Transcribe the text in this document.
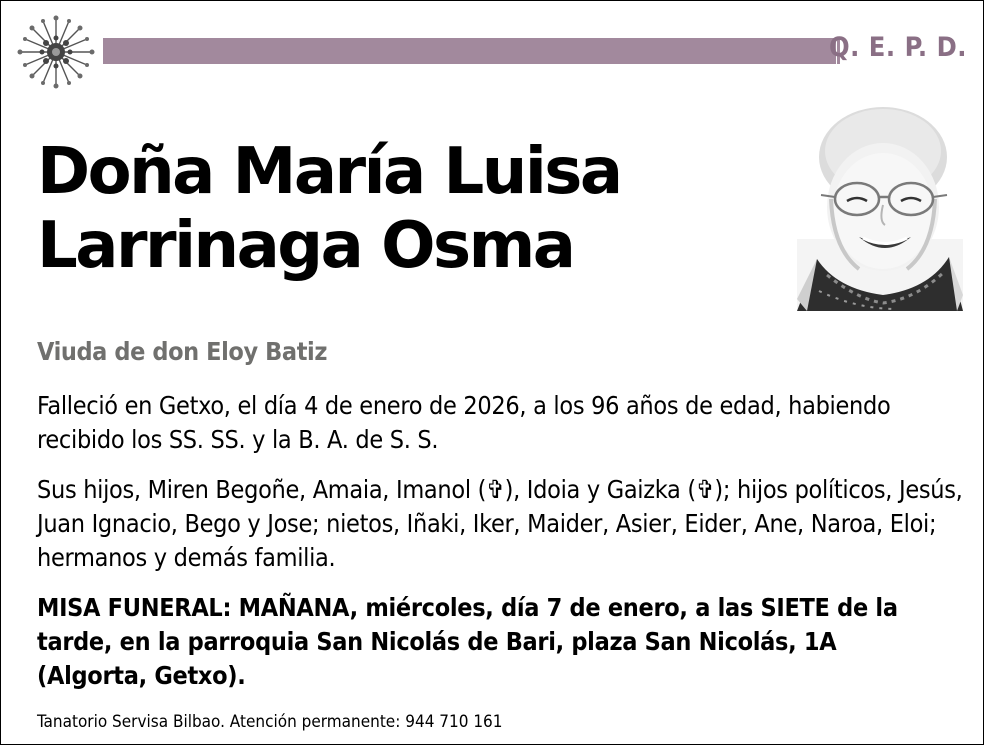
Q. E. P. D.
Doña María Luisa
Larrinaga Osma
Viuda de don Eloy Batiz

Falleció en Getxo, el día 4 de enero de 2026, a los 96 años de edad, habiendo recibido los SS. SS. y la B. A. de S. S.

Sus hijos, Miren Begoñe, Amaia, Imanol (✞), Idoia y Gaizka (✞); hijos políticos, Jesús, Juan Ignacio, Bego y Jose; nietos, Iñaki, Iker, Maider, Asier, Eider, Ane, Naroa, Eloi; hermanos y demás familia.

MISA FUNERAL: MAÑANA, miércoles, día 7 de enero, a las SIETE de la tarde, en la parroquia San Nicolás de Bari, plaza San Nicolás, 1A (Algorta, Getxo).

Tanatorio Servisa Bilbao. Atención permanente: 944 710 161
